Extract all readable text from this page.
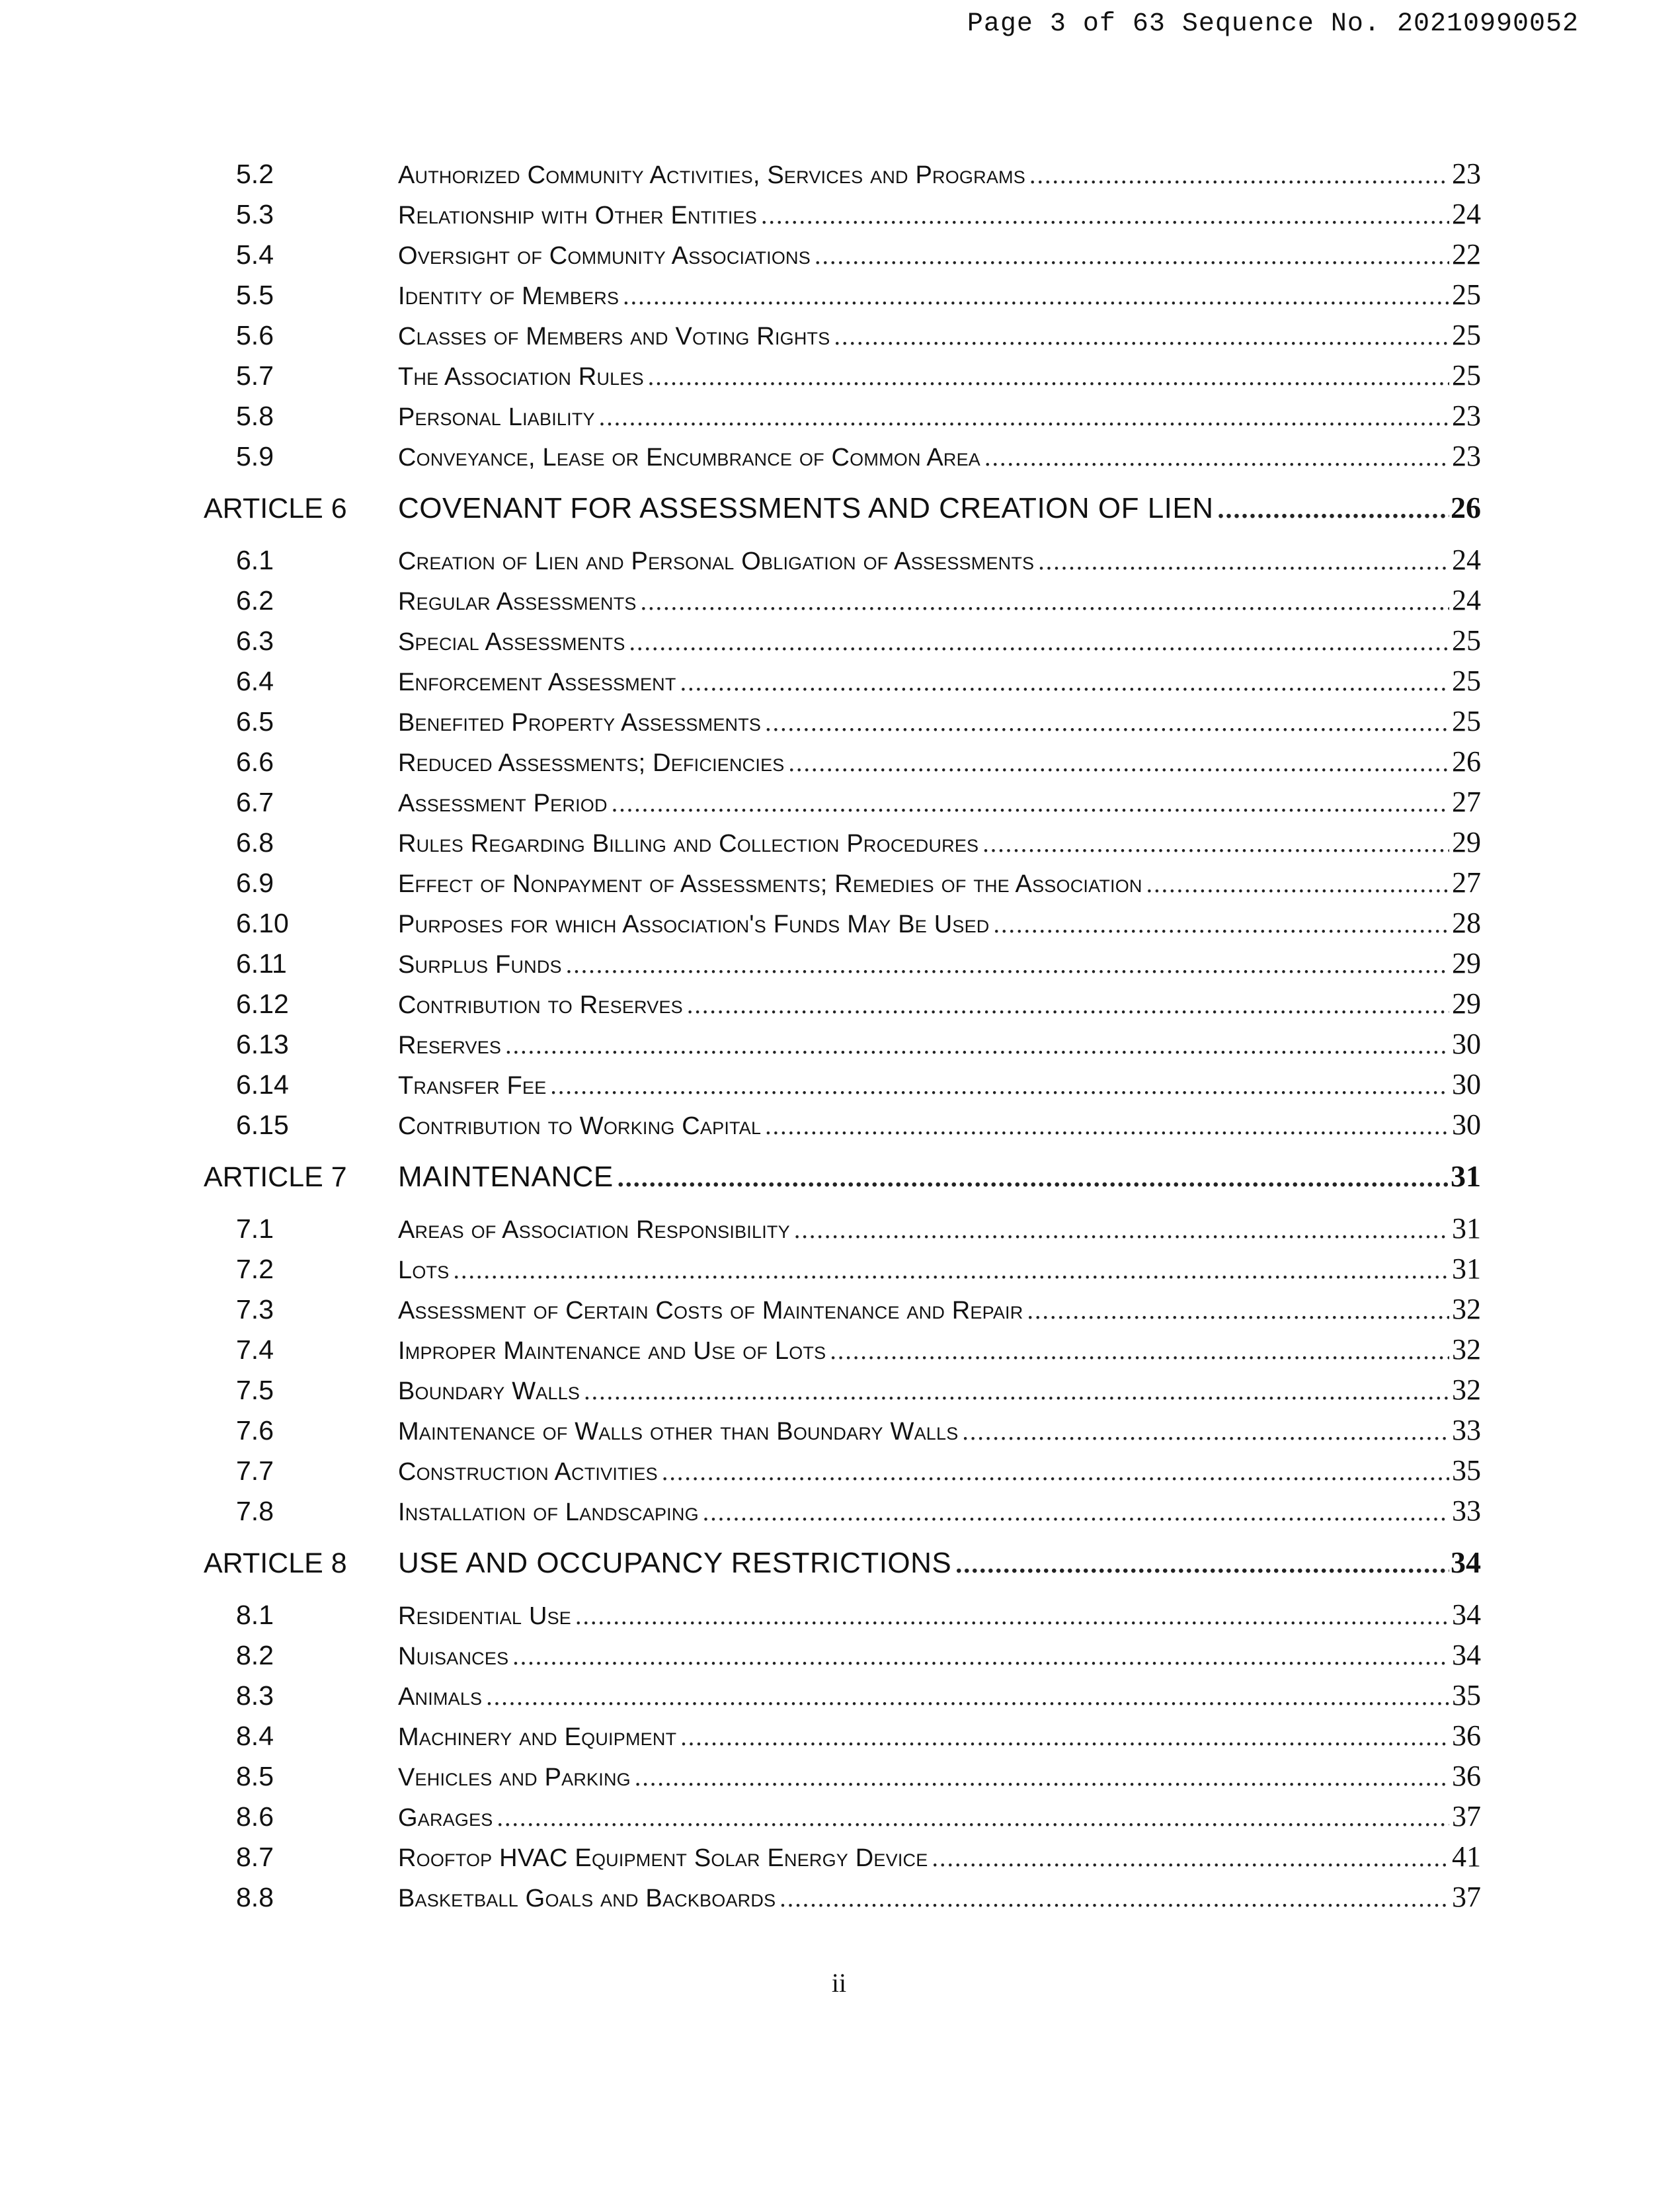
Page 3 of 63 Sequence No. 20210990052
5.2	Authorized Community Activities, Services and Programs .....	23
5.3	Relationship with Other Entities .....	24
5.4	Oversight of Community Associations .....	22
5.5	Identity of Members .....	25
5.6	Classes of Members and Voting Rights .....	25
5.7	The Association Rules .....	25
5.8	Personal Liability .....	23
5.9	Conveyance, Lease or Encumbrance of Common Area .....	23
ARTICLE 6	COVENANT FOR ASSESSMENTS AND CREATION OF LIEN .....	26
6.1	Creation of Lien and Personal Obligation of Assessments .....	24
6.2	Regular Assessments .....	24
6.3	Special Assessments .....	25
6.4	Enforcement Assessment .....	25
6.5	Benefited Property Assessments .....	25
6.6	Reduced Assessments; Deficiencies .....	26
6.7	Assessment Period .....	27
6.8	Rules Regarding Billing and Collection Procedures .....	29
6.9	Effect of Nonpayment of Assessments; Remedies of the Association .....	27
6.10	Purposes for which Association's Funds May Be Used .....	28
6.11	Surplus Funds .....	29
6.12	Contribution to Reserves .....	29
6.13	Reserves .....	30
6.14	Transfer Fee .....	30
6.15	Contribution to Working Capital .....	30
ARTICLE 7	MAINTENANCE .....	31
7.1	Areas of Association Responsibility .....	31
7.2	Lots .....	31
7.3	Assessment of Certain Costs of Maintenance and Repair .....	32
7.4	Improper Maintenance and Use of Lots .....	32
7.5	Boundary Walls .....	32
7.6	Maintenance of Walls other than Boundary Walls .....	33
7.7	Construction Activities .....	35
7.8	Installation of Landscaping .....	33
ARTICLE 8	USE AND OCCUPANCY RESTRICTIONS .....	34
8.1	Residential Use .....	34
8.2	Nuisances .....	34
8.3	Animals .....	35
8.4	Machinery and Equipment .....	36
8.5	Vehicles and Parking .....	36
8.6	Garages .....	37
8.7	Rooftop HVAC Equipment Solar Energy Device .....	41
8.8	Basketball Goals and Backboards .....	37
ii
